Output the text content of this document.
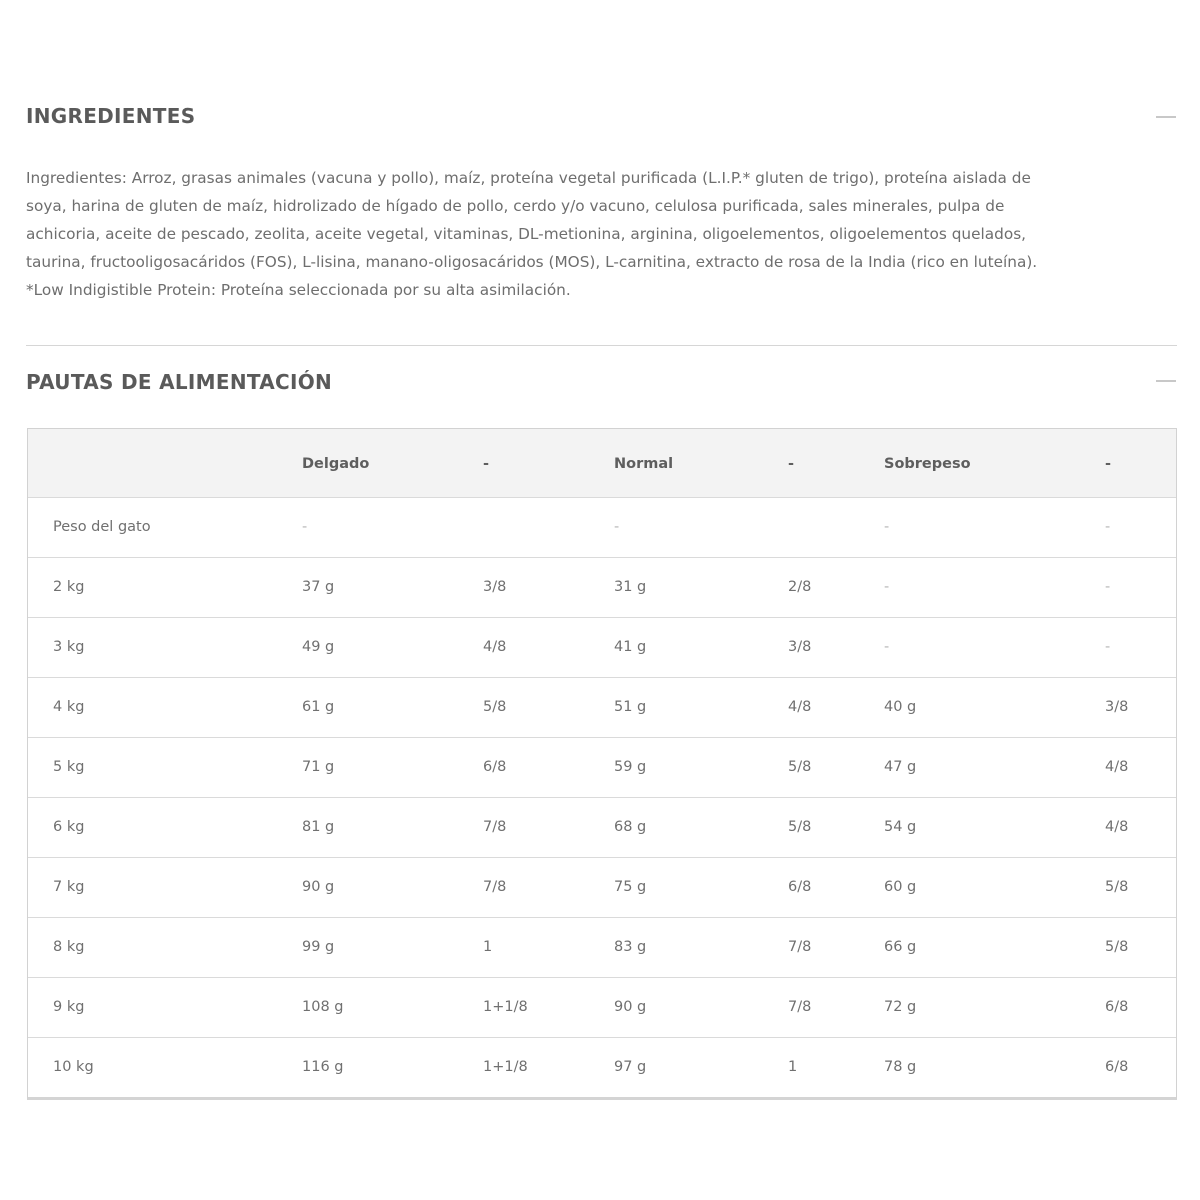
INGREDIENTES

Ingredientes: Arroz, grasas animales (vacuna y pollo), maíz, proteína vegetal purificada (L.I.P.* gluten de trigo), proteína aislada de
soya, harina de gluten de maíz, hidrolizado de hígado de pollo, cerdo y/o vacuno, celulosa purificada, sales minerales, pulpa de
achicoria, aceite de pescado, zeolita, aceite vegetal, vitaminas, DL-metionina, arginina, oligoelementos, oligoelementos quelados,
taurina, fructooligosacáridos (FOS), L-lisina, manano-oligosacáridos (MOS), L-carnitina, extracto de rosa de la India (rico en luteína).
*Low Indigistible Protein: Proteína seleccionada por su alta asimilación.

PAUTAS DE ALIMENTACIÓN
	Delgado	-	Normal	-	Sobrepeso	-
Peso del gato	-		-		-	-
2 kg	37 g	3/8	31 g	2/8	-	-
3 kg	49 g	4/8	41 g	3/8	-	-
4 kg	61 g	5/8	51 g	4/8	40 g	3/8
5 kg	71 g	6/8	59 g	5/8	47 g	4/8
6 kg	81 g	7/8	68 g	5/8	54 g	4/8
7 kg	90 g	7/8	75 g	6/8	60 g	5/8
8 kg	99 g	1	83 g	7/8	66 g	5/8
9 kg	108 g	1+1/8	90 g	7/8	72 g	6/8
10 kg	116 g	1+1/8	97 g	1	78 g	6/8
